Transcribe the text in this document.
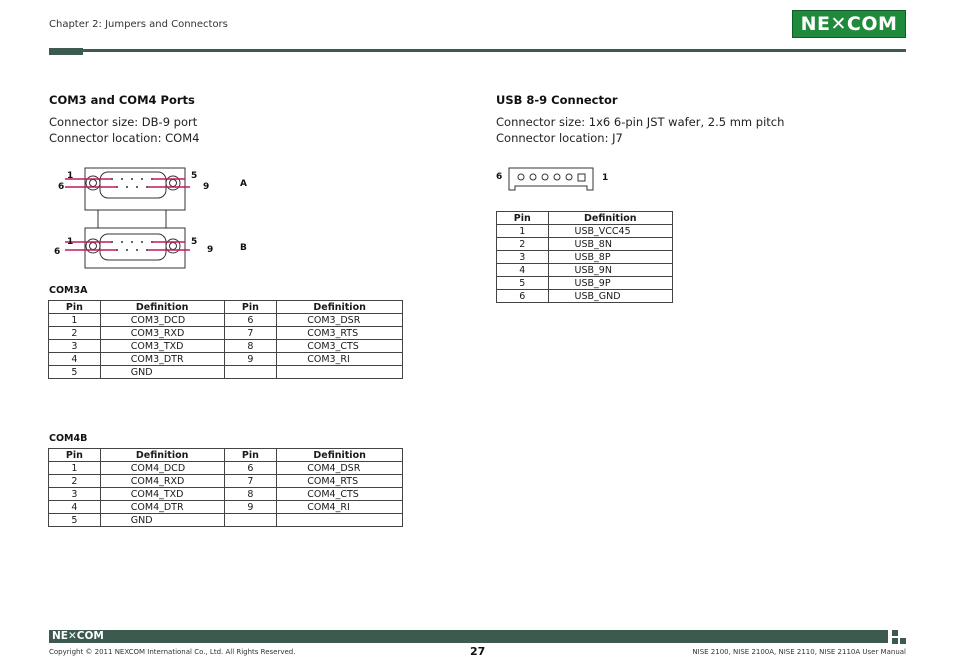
Chapter 2: Jumpers and Connectors	NE✕COM
COM3 and COM4 Ports
Connector size: DB-9 port
Connector location: COM4
1
6
5
9	A
1
6
5
9	B
COM3A
Pin	Definition	Pin	Definition
1	COM3_DCD	6	COM3_DSR
2	COM3_RXD	7	COM3_RTS
3	COM3_TXD	8	COM3_CTS
4	COM3_DTR	9	COM3_RI
5	GND		
COM4B
Pin	Definition	Pin	Definition
1	COM4_DCD	6	COM4_DSR
2	COM4_RXD	7	COM4_RTS
3	COM4_TXD	8	COM4_CTS
4	COM4_DTR	9	COM4_RI
5	GND		
USB 8-9 Connector
Connector size: 1x6 6-pin JST wafer, 2.5 mm pitch
Connector location: J7
6	1
Pin	Definition
1	USB_VCC45
2	USB_8N
3	USB_8P
4	USB_9N
5	USB_9P
6	USB_GND
NE✕COM
Copyright © 2011 NEXCOM International Co., Ltd. All Rights Reserved.	27	NISE 2100, NISE 2100A, NISE 2110, NISE 2110A User Manual
